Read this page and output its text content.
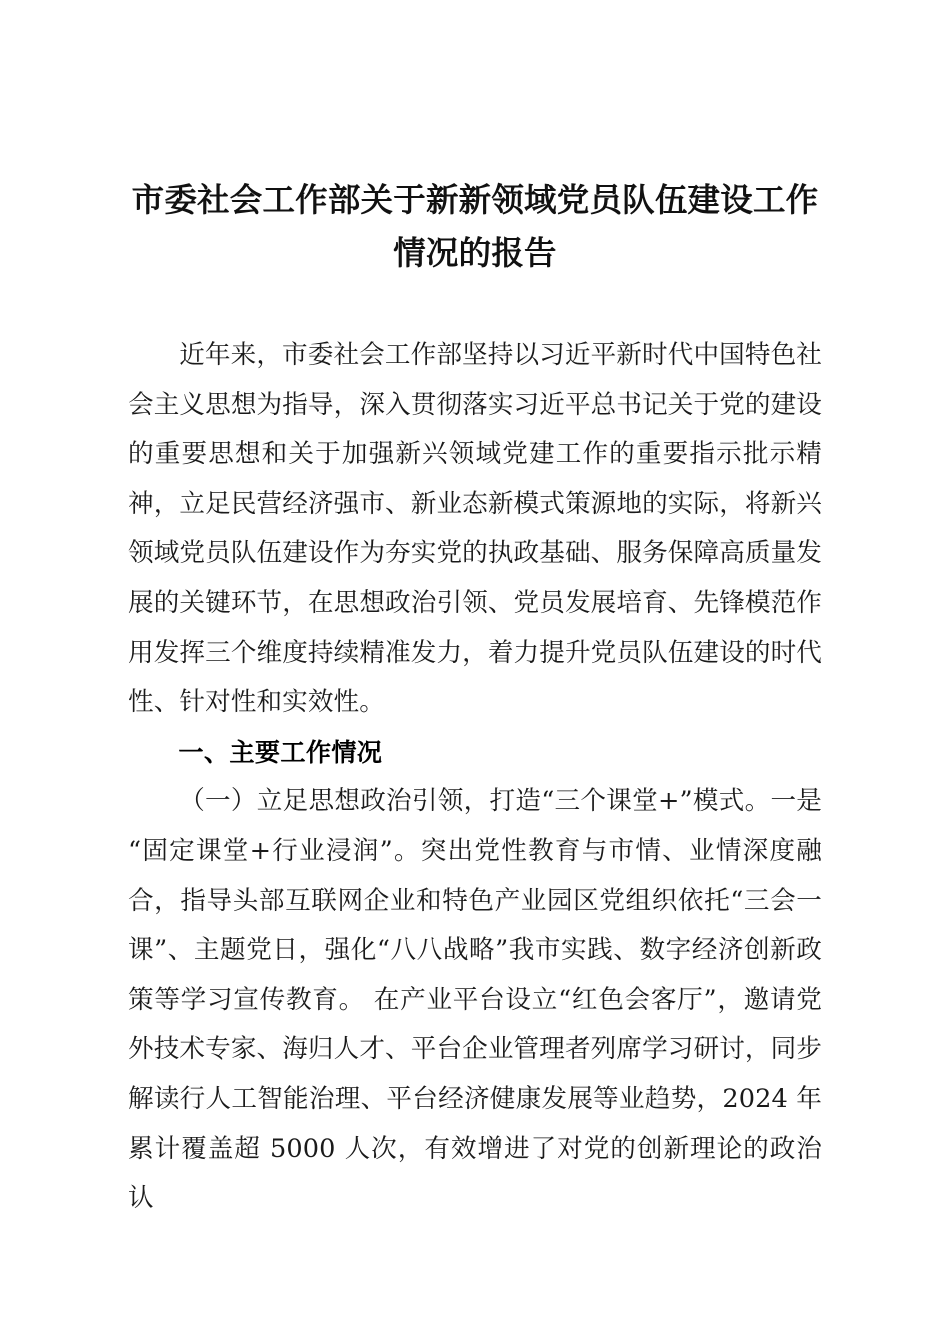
市委社会工作部关于新新领域党员队伍建设工作情况的报告

近年来，市委社会工作部坚持以习近平新时代中国特色社会主义思想为指导，深入贯彻落实习近平总书记关于党的建设的重要思想和关于加强新兴领域党建工作的重要指示批示精神，立足民营经济强市、新业态新模式策源地的实际，将新兴领域党员队伍建设作为夯实党的执政基础、服务保障高质量发展的关键环节，在思想政治引领、党员发展培育、先锋模范作用发挥三个维度持续精准发力，着力提升党员队伍建设的时代性、针对性和实效性。

一、主要工作情况

（一）立足思想政治引领，打造“三个课堂+”模式。一是“固定课堂+行业浸润”。突出党性教育与市情、业情深度融合，指导头部互联网企业和特色产业园区党组织依托“三会一课”、主题党日，强化“八八战略”我市实践、数字经济创新政策等学习宣传教育。 在产业平台设立“红色会客厅”，邀请党外技术专家、海归人才、平台企业管理者列席学习研讨，同步解读行人工智能治理、平台经济健康发展等业趋势，2024 年累计覆盖超 5000 人次，有效增进了对党的创新理论的政治认
